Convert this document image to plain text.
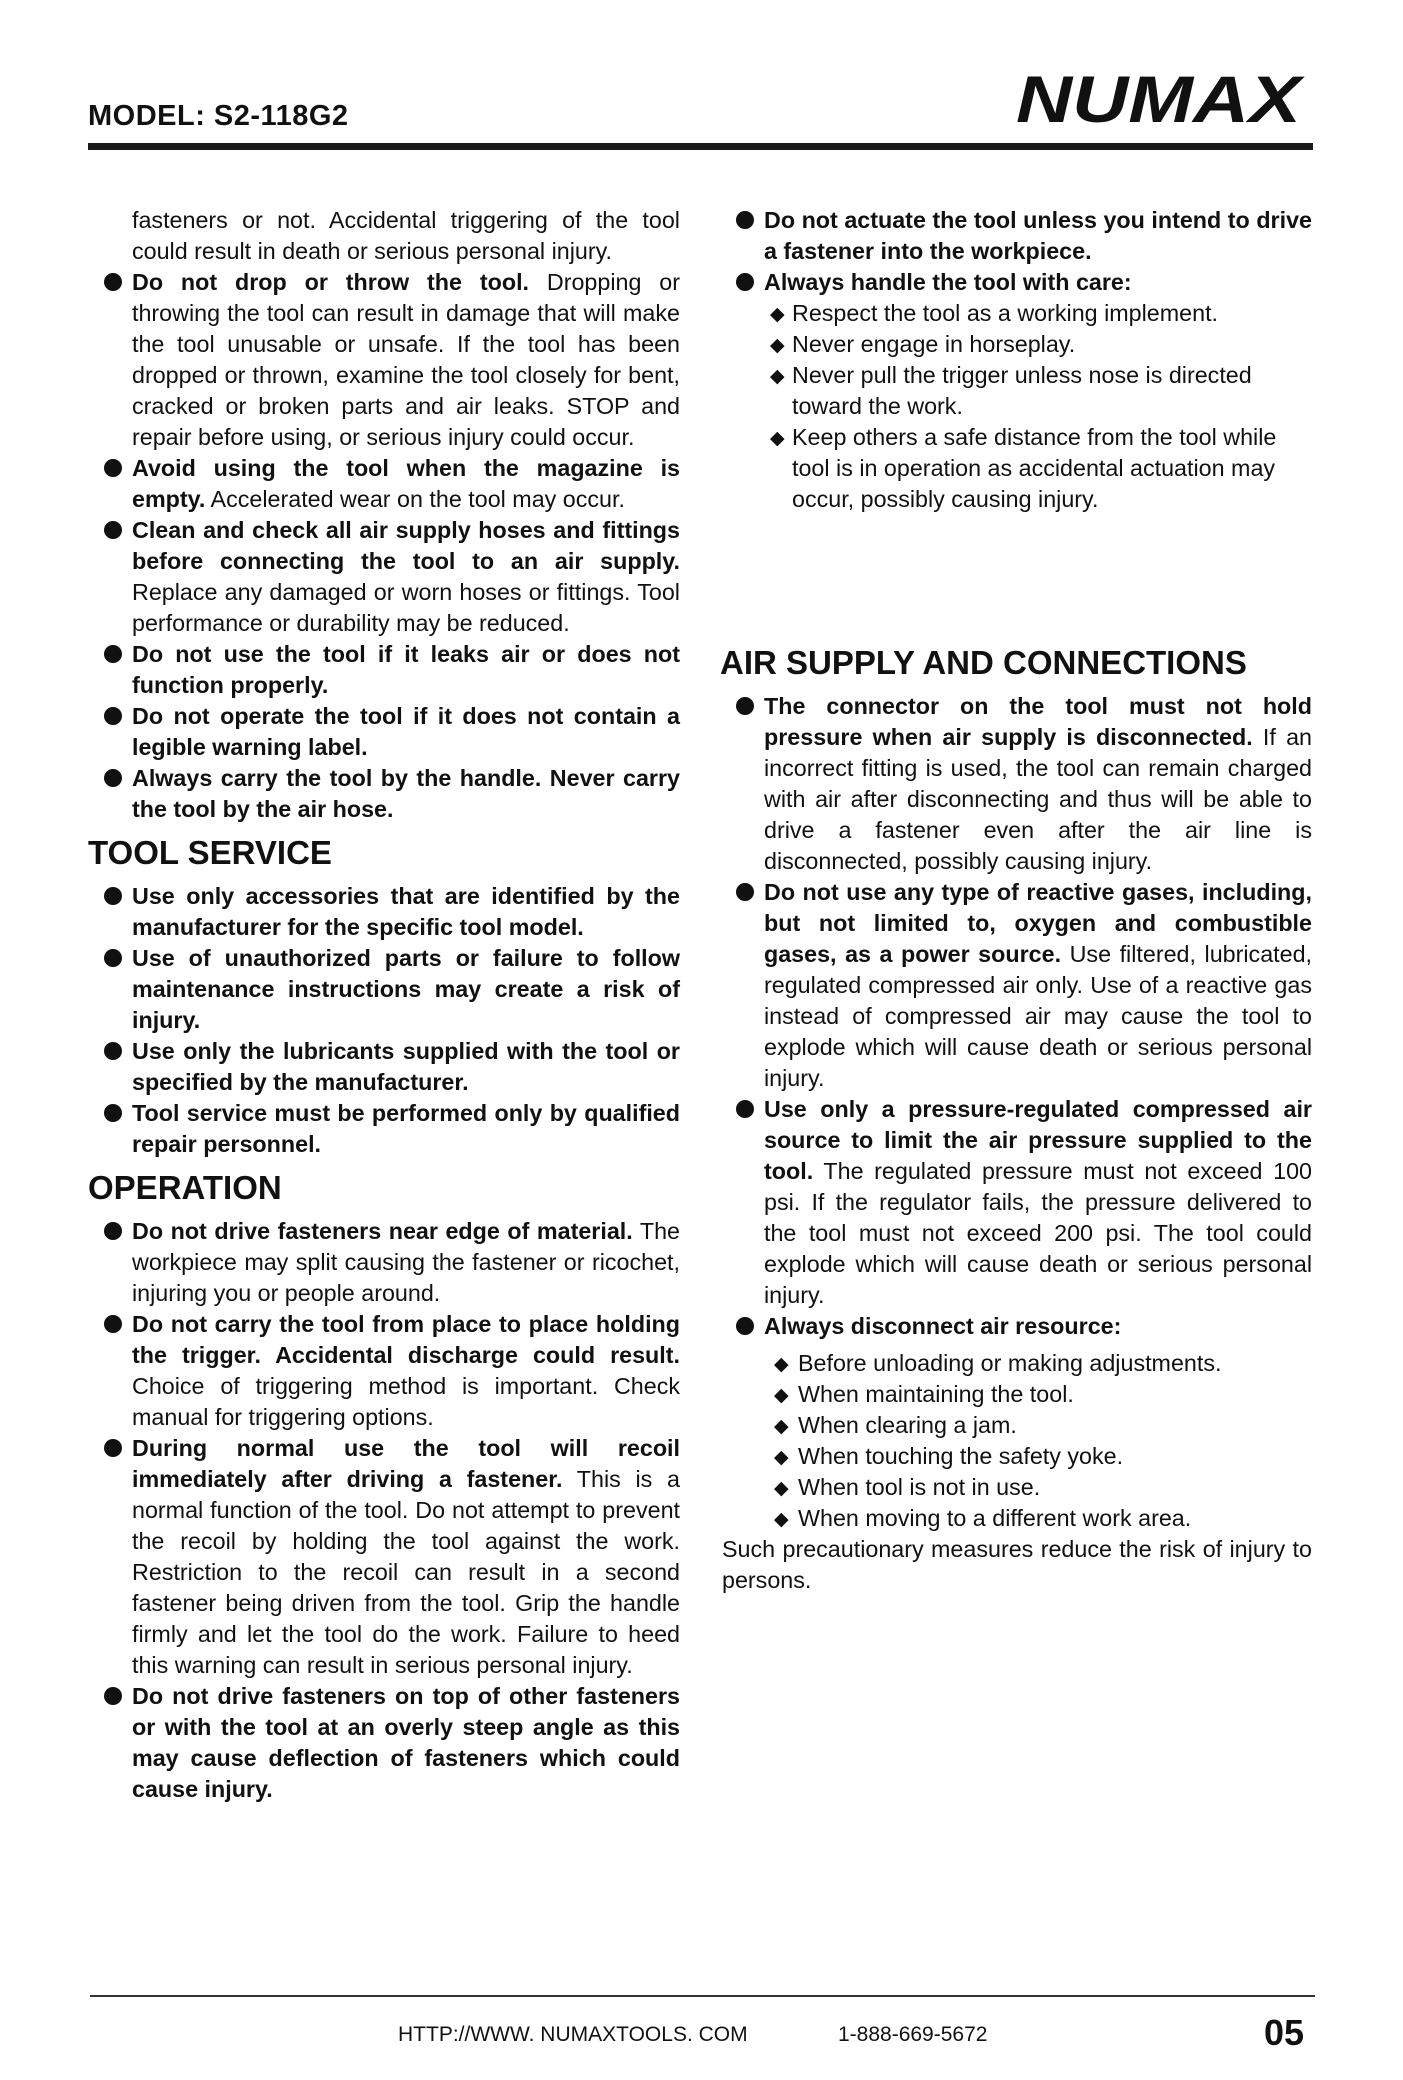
MODEL: S2-118G2	NUMAX
fasteners or not. Accidental triggering of the tool could result in death or serious personal injury.
Do not drop or throw the tool. Dropping or throwing the tool can result in damage that will make the tool unusable or unsafe. If the tool has been dropped or thrown, examine the tool closely for bent, cracked or broken parts and air leaks. STOP and repair before using, or serious injury could occur.
Avoid using the tool when the magazine is empty. Accelerated wear on the tool may occur.
Clean and check all air supply hoses and fittings before connecting the tool to an air supply. Replace any damaged or worn hoses or fittings. Tool performance or durability may be reduced.
Do not use the tool if it leaks air or does not function properly.
Do not operate the tool if it does not contain a legible warning label.
Always carry the tool by the handle. Never carry the tool by the air hose.
TOOL SERVICE
Use only accessories that are identified by the manufacturer for the specific tool model.
Use of unauthorized parts or failure to follow maintenance instructions may create a risk of injury.
Use only the lubricants supplied with the tool or specified by the manufacturer.
Tool service must be performed only by qualified repair personnel.
OPERATION
Do not drive fasteners near edge of material. The workpiece may split causing the fastener or ricochet, injuring you or people around.
Do not carry the tool from place to place holding the trigger. Accidental discharge could result. Choice of triggering method is important. Check manual for triggering options.
During normal use the tool will recoil immediately after driving a fastener. This is a normal function of the tool. Do not attempt to prevent the recoil by holding the tool against the work. Restriction to the recoil can result in a second fastener being driven from the tool. Grip the handle firmly and let the tool do the work. Failure to heed this warning can result in serious personal injury.
Do not drive fasteners on top of other fasteners or with the tool at an overly steep angle as this may cause deflection of fasteners which could cause injury.
Do not actuate the tool unless you intend to drive a fastener into the workpiece.
Always handle the tool with care:
◆ Respect the tool as a working implement.
◆ Never engage in horseplay.
◆ Never pull the trigger unless nose is directed toward the work.
◆ Keep others a safe distance from the tool while tool is in operation as accidental actuation may occur, possibly causing injury.
AIR SUPPLY AND CONNECTIONS
The connector on the tool must not hold pressure when air supply is disconnected. If an incorrect fitting is used, the tool can remain charged with air after disconnecting and thus will be able to drive a fastener even after the air line is disconnected, possibly causing injury.
Do not use any type of reactive gases, including, but not limited to, oxygen and combustible gases, as a power source. Use filtered, lubricated, regulated compressed air only. Use of a reactive gas instead of compressed air may cause the tool to explode which will cause death or serious personal injury.
Use only a pressure-regulated compressed air source to limit the air pressure supplied to the tool. The regulated pressure must not exceed 100 psi. If the regulator fails, the pressure delivered to the tool must not exceed 200 psi. The tool could explode which will cause death or serious personal injury.
Always disconnect air resource:
◆ Before unloading or making adjustments.
◆ When maintaining the tool.
◆ When clearing a jam.
◆ When touching the safety yoke.
◆ When tool is not in use.
◆ When moving to a different work area.
Such precautionary measures reduce the risk of injury to persons.
HTTP://WWW. NUMAXTOOLS. COM	1-888-669-5672	05
